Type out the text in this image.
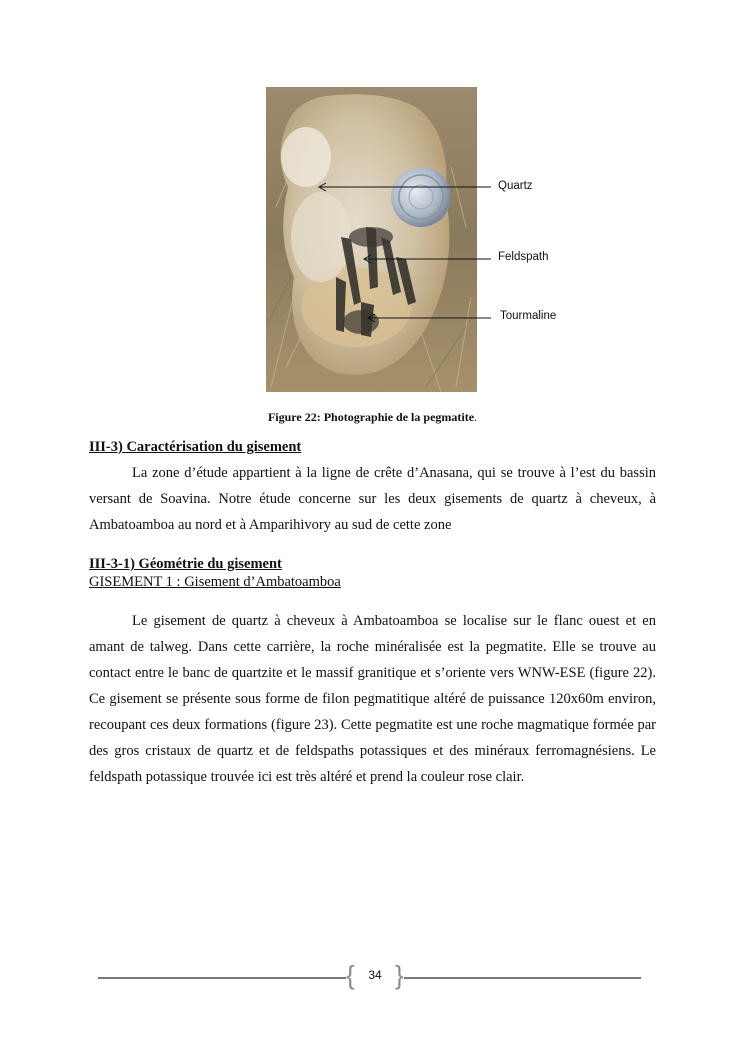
Quartz
Feldspath
Tourmaline
Figure 22: Photographie de la pegmatite.
III-3) Caractérisation du gisement

La zone d’étude appartient à la ligne de crête d’Anasana, qui se trouve à l’est du bassin versant de Soavina. Notre étude concerne sur les deux gisements de quartz à cheveux, à Ambatoamboa au nord et à Amparihivory au sud de cette zone

III-3-1) Géométrie du gisement
GISEMENT 1 : Gisement d’Ambatoamboa

Le gisement de quartz à cheveux à Ambatoamboa se localise sur le flanc ouest et en amant de talweg. Dans cette carrière, la roche minéralisée est la pegmatite. Elle se trouve au contact entre le banc de quartzite et le massif granitique et s’oriente vers WNW-ESE (figure 22). Ce gisement se présente sous forme de filon pegmatitique altéré de puissance 120x60m environ, recoupant ces deux formations (figure 23). Cette pegmatite est une roche magmatique formée par des gros cristaux de quartz et de feldspaths potassiques et des minéraux ferromagnésiens. Le feldspath potassique trouvée ici est très altéré et prend la couleur rose clair.

{	34 }
